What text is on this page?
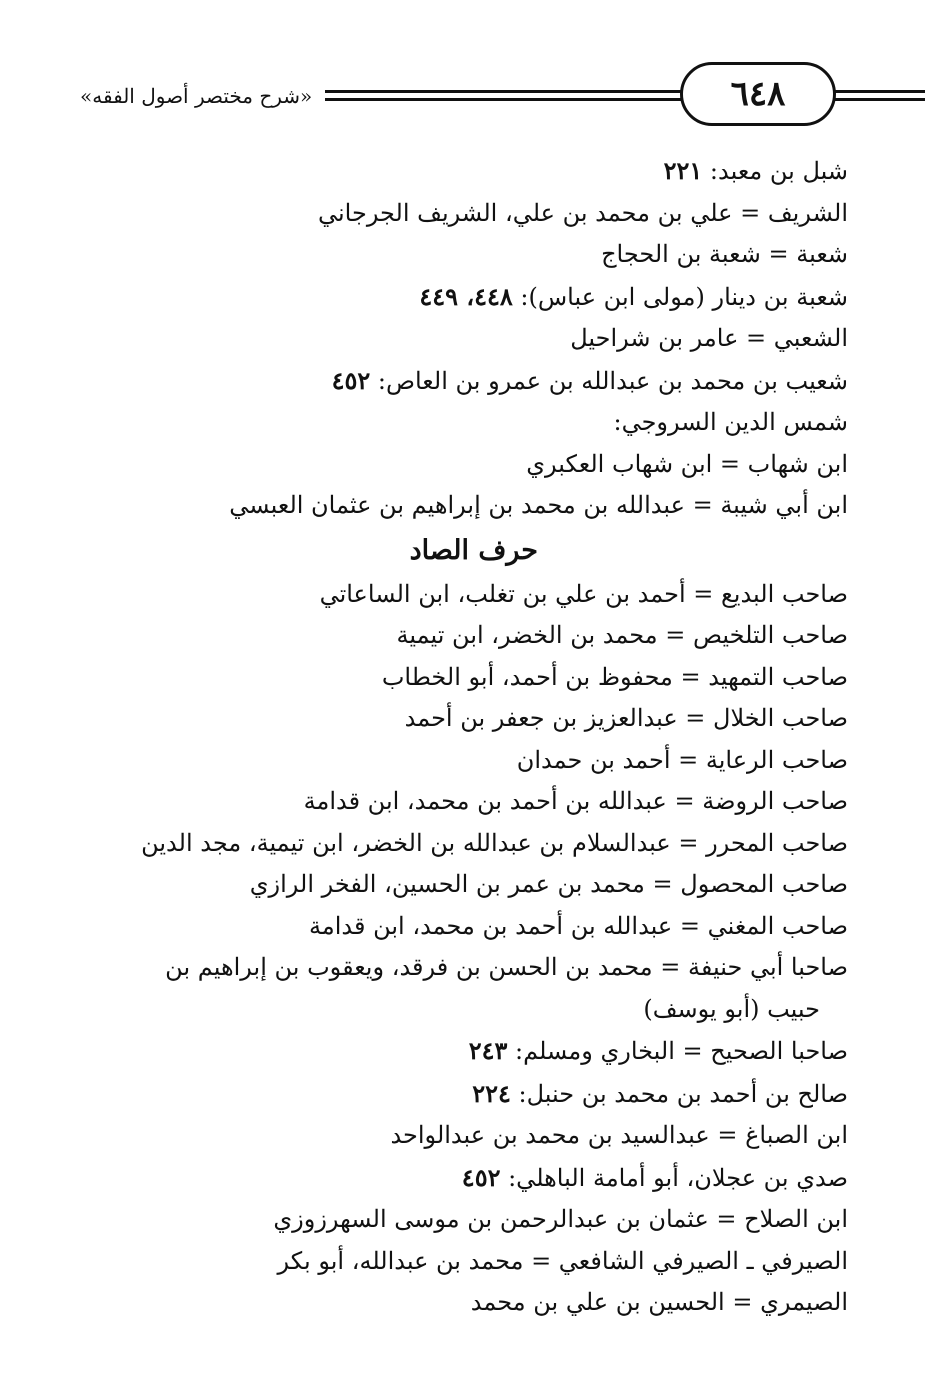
«شرح مختصر أصول الفقه»	٦٤٨
شبل بن معبد: ٢٢١
الشريف = علي بن محمد بن علي، الشريف الجرجاني
شعبة = شعبة بن الحجاج
شعبة بن دينار (مولى ابن عباس): ٤٤٨، ٤٤٩
الشعبي = عامر بن شراحيل
شعيب بن محمد بن عبدالله بن عمرو بن العاص: ٤٥٢
شمس الدين السروجي:
ابن شهاب = ابن شهاب العكبري
ابن أبي شيبة = عبدالله بن محمد بن إبراهيم بن عثمان العبسي
حرف الصاد
صاحب البديع = أحمد بن علي بن تغلب، ابن الساعاتي
صاحب التلخيص = محمد بن الخضر، ابن تيمية
صاحب التمهيد = محفوظ بن أحمد، أبو الخطاب
صاحب الخلال = عبدالعزيز بن جعفر بن أحمد
صاحب الرعاية = أحمد بن حمدان
صاحب الروضة = عبدالله بن أحمد بن محمد، ابن قدامة
صاحب المحرر = عبدالسلام بن عبدالله بن الخضر، ابن تيمية، مجد الدين
صاحب المحصول = محمد بن عمر بن الحسين، الفخر الرازي
صاحب المغني = عبدالله بن أحمد بن محمد، ابن قدامة
صاحبا أبي حنيفة = محمد بن الحسن بن فرقد، ويعقوب بن إبراهيم بن
حبيب (أبو يوسف)
صاحبا الصحيح = البخاري ومسلم: ٢٤٣
صالح بن أحمد بن محمد بن حنبل: ٢٢٤
ابن الصباغ = عبدالسيد بن محمد بن عبدالواحد
صدي بن عجلان، أبو أمامة الباهلي: ٤٥٢
ابن الصلاح = عثمان بن عبدالرحمن بن موسى السهرزوزي
الصيرفي ـ الصيرفي الشافعي = محمد بن عبدالله، أبو بكر
الصيمري = الحسين بن علي بن محمد
